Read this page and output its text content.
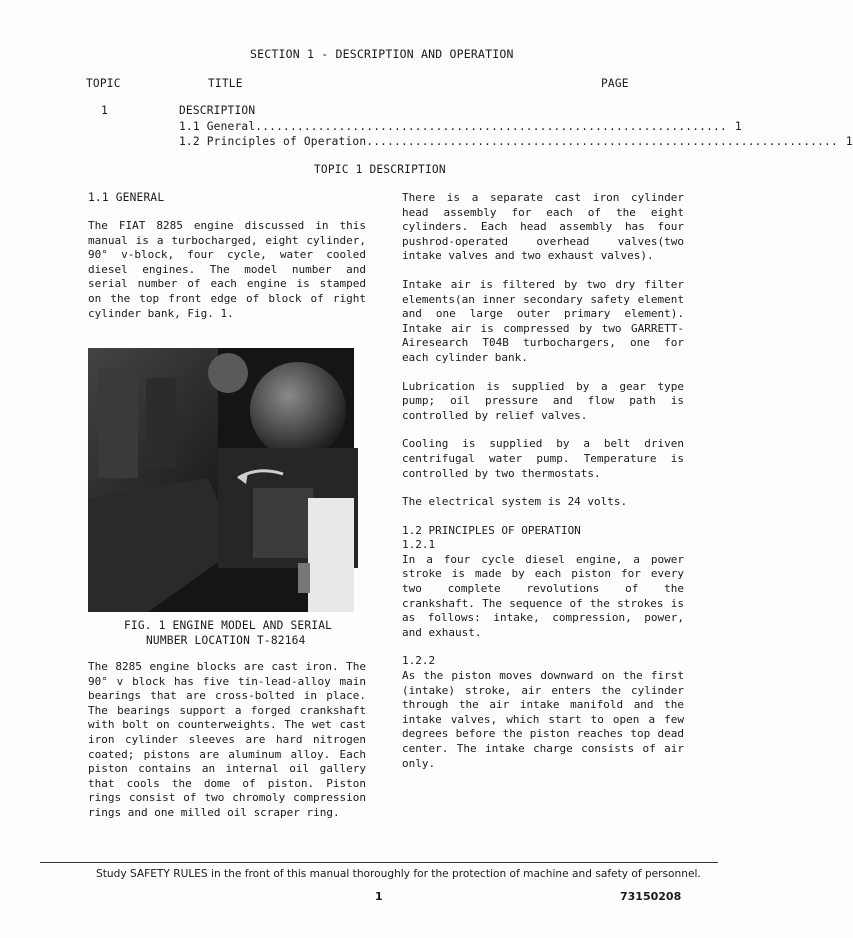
SECTION 1 - DESCRIPTION AND OPERATION
TOPIC	TITLE	PAGE
1	DESCRIPTION
1.1 General .................................................................... 1
1.2 Principles of Operation .................................................................... 1
TOPIC 1 DESCRIPTION
1.1 GENERAL

The FIAT 8285 engine discussed in this manual is a turbocharged, eight cylinder, 90° v-block, four cycle, water cooled diesel engines. The model number and serial number of each engine is stamped on the top front edge of block of right cylinder bank, Fig. 1.

FIG. 1 ENGINE MODEL AND SERIAL
NUMBER LOCATION T-82164

The 8285 engine blocks are cast iron. The 90° v block has five tin-lead-alloy main bearings that are cross-bolted in place. The bearings support a forged crankshaft with bolt on counterweights. The wet cast iron cylinder sleeves are hard nitrogen coated; pistons are aluminum alloy. Each piston contains an internal oil gallery that cools the dome of piston. Piston rings consist of two chromoly compression rings and one milled oil scraper ring.

There is a separate cast iron cylinder head assembly for each of the eight cylinders. Each head assembly has four pushrod-operated overhead valves(two intake valves and two exhaust valves).

Intake air is filtered by two dry filter elements(an inner secondary safety element and one large outer primary element). Intake air is compressed by two GARRETT-Airesearch T04B turbochargers, one for each cylinder bank.

Lubrication is supplied by a gear type pump; oil pressure and flow path is controlled by relief valves.

Cooling is supplied by a belt driven centrifugal water pump. Temperature is controlled by two thermostats.

The electrical system is 24 volts.

1.2 PRINCIPLES OF OPERATION

1.2.1

In a four cycle diesel engine, a power stroke is made by each piston for every two complete revolutions of the crankshaft. The sequence of the strokes is as follows: intake, compression, power, and exhaust.

1.2.2

As the piston moves downward on the first (intake) stroke, air enters the cylinder through the air intake manifold and the intake valves, which start to open a few degrees before the piston reaches top dead center. The intake charge consists of air only.

Study SAFETY RULES in the front of this manual thoroughly for the protection of machine and safety of personnel.
1	73150208
